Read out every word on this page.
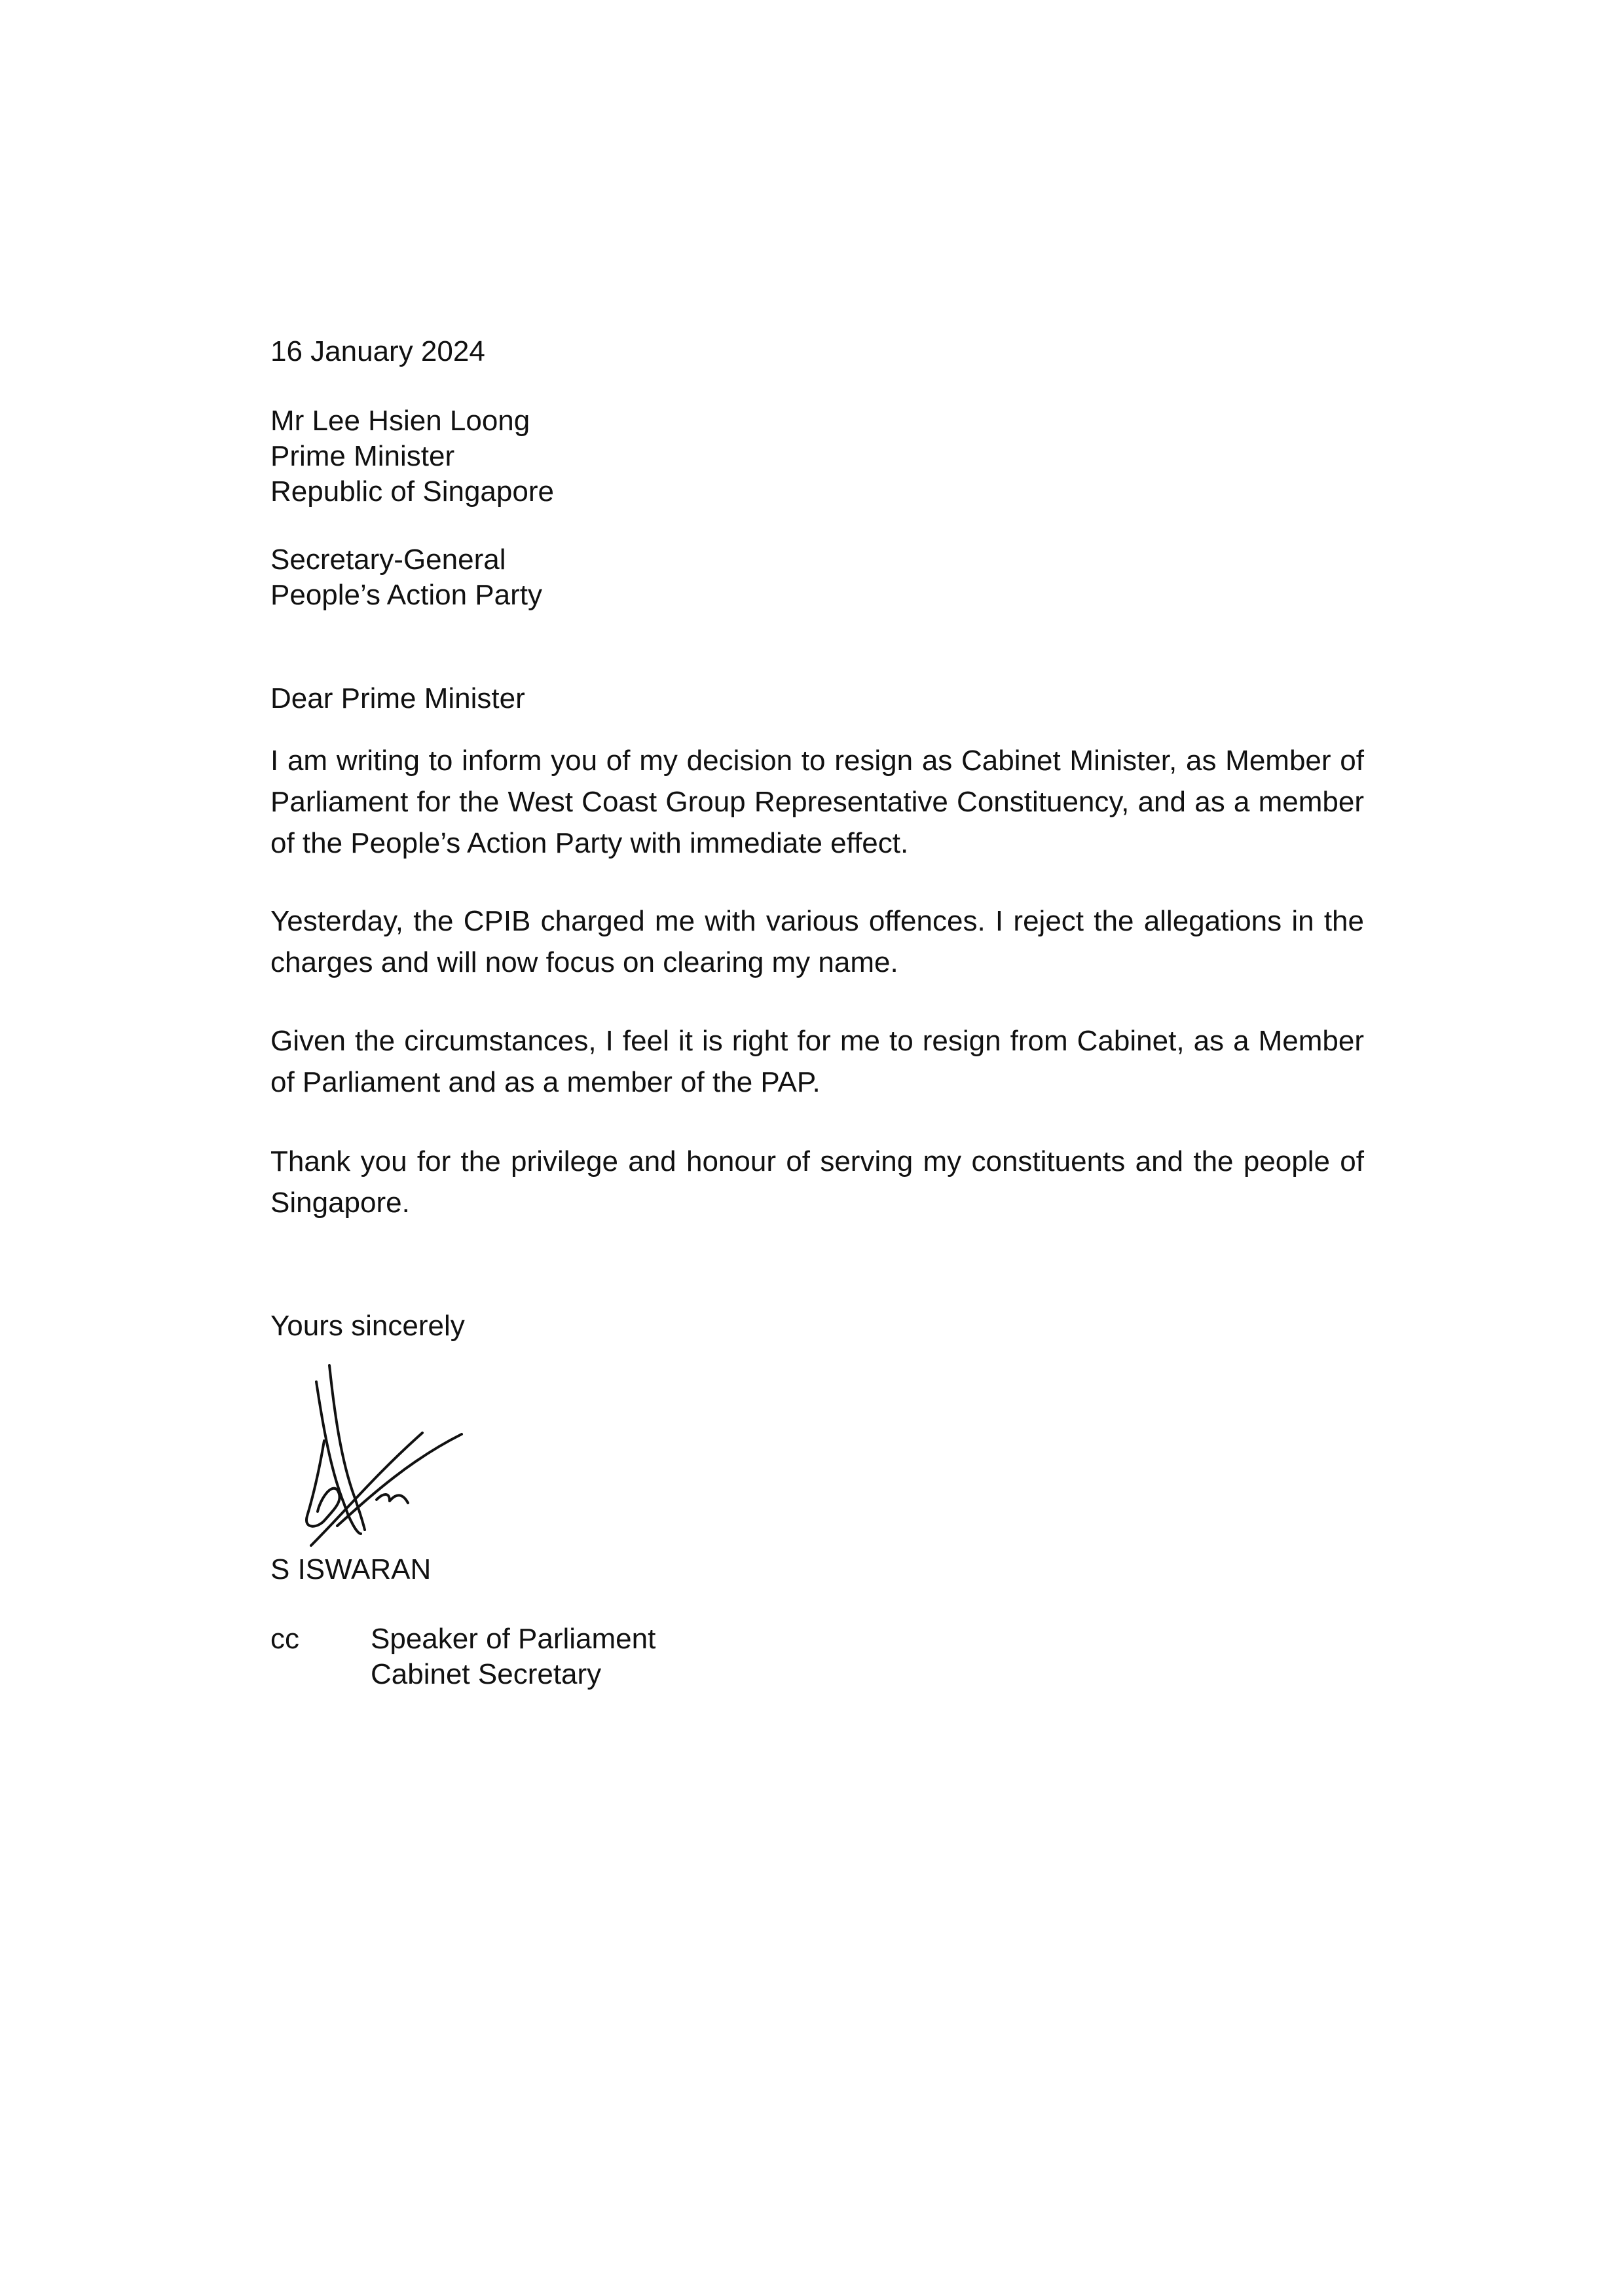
16 January 2024
Mr Lee Hsien Loong
Prime Minister
Republic of Singapore
Secretary-General
People’s Action Party
Dear Prime Minister

I am writing to inform you of my decision to resign as Cabinet Minister, as Member of Parliament for the West Coast Group Representative Constituency, and as a member of the People’s Action Party with immediate effect.

Yesterday, the CPIB charged me with various offences. I reject the allegations in the charges and will now focus on clearing my name.

Given the circumstances, I feel it is right for me to resign from Cabinet, as a Member of Parliament and as a member of the PAP.

Thank you for the privilege and honour of serving my constituents and the people of Singapore.

Yours sincerely
S ISWARAN
cc Speaker of Parliament
Cabinet Secretary
